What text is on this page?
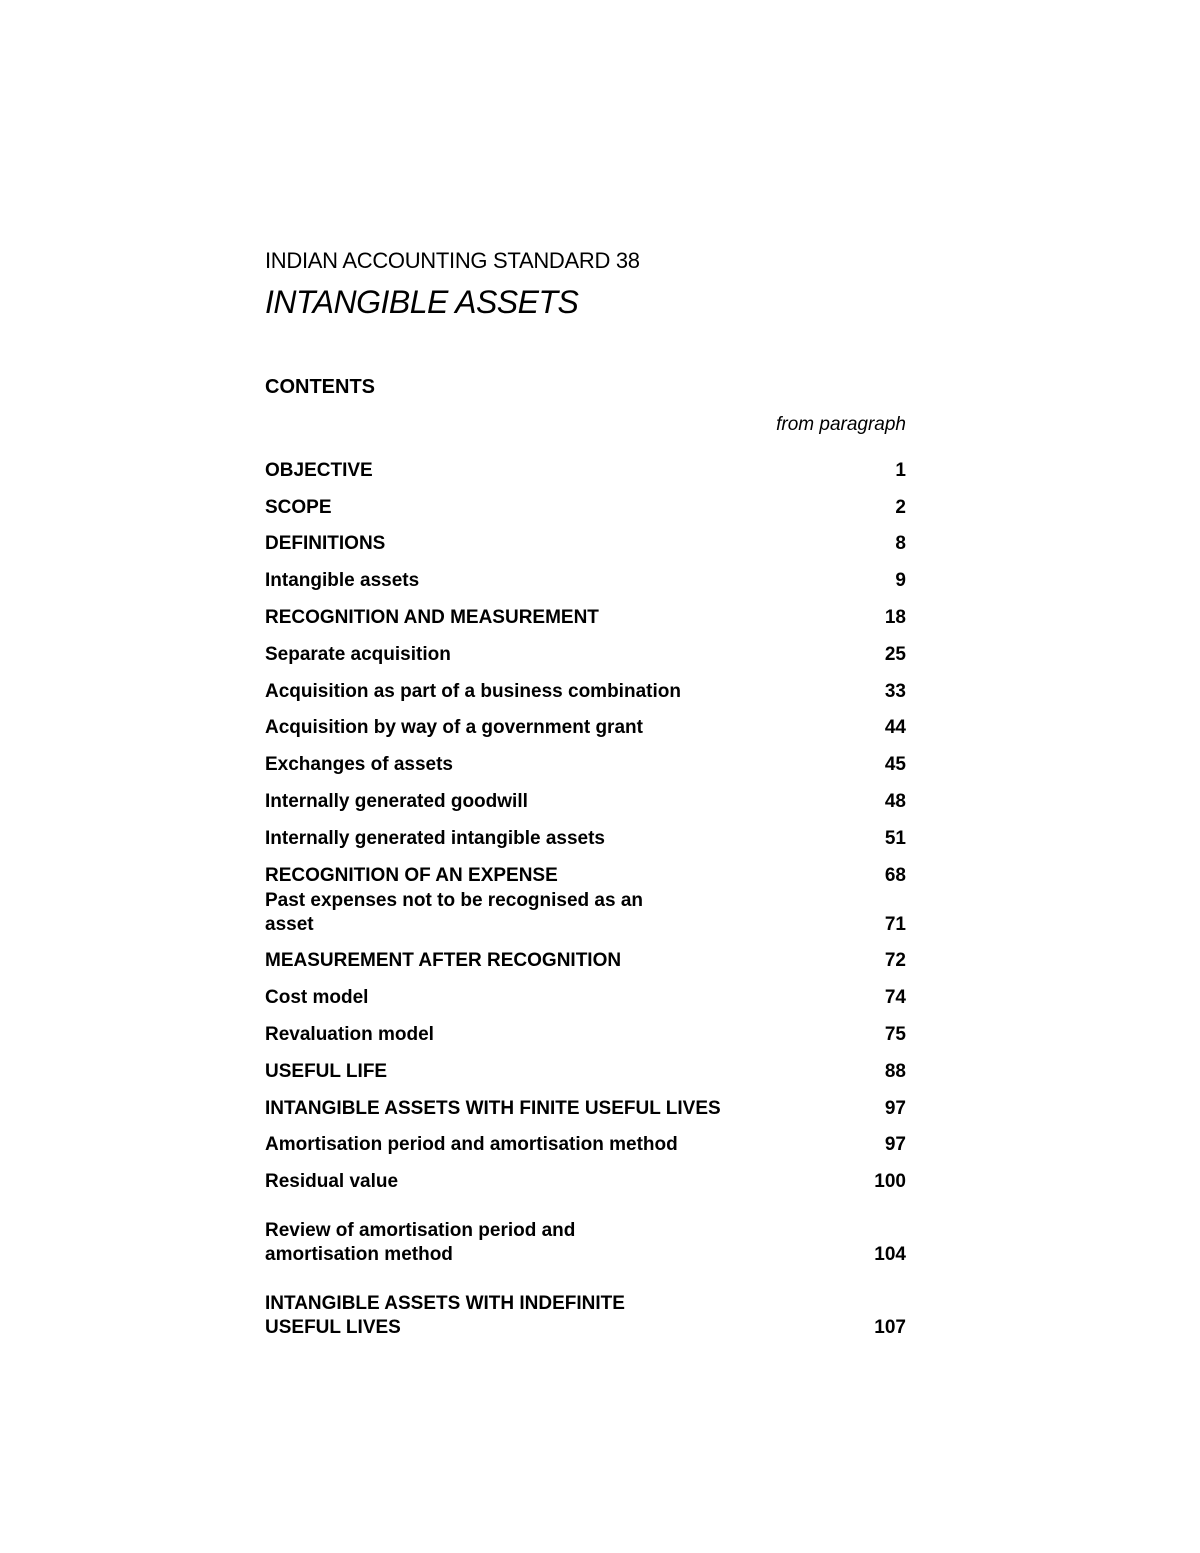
INDIAN ACCOUNTING STANDARD 38
INTANGIBLE ASSETS
CONTENTS
from paragraph
OBJECTIVE	1
SCOPE	2
DEFINITIONS	8
Intangible assets	9
RECOGNITION AND MEASUREMENT	18
Separate acquisition	25
Acquisition as part of a business combination	33
Acquisition by way of a government grant	44
Exchanges of assets	45
Internally generated goodwill	48
Internally generated intangible assets	51
RECOGNITION OF AN EXPENSE	68
Past expenses not to be recognised as an asset	71
MEASUREMENT AFTER RECOGNITION	72
Cost model	74
Revaluation model	75
USEFUL LIFE	88
INTANGIBLE ASSETS WITH FINITE USEFUL LIVES	97
Amortisation period and amortisation method	97
Residual value	100
Review of amortisation period and amortisation method	104
INTANGIBLE ASSETS WITH INDEFINITE USEFUL LIVES	107
